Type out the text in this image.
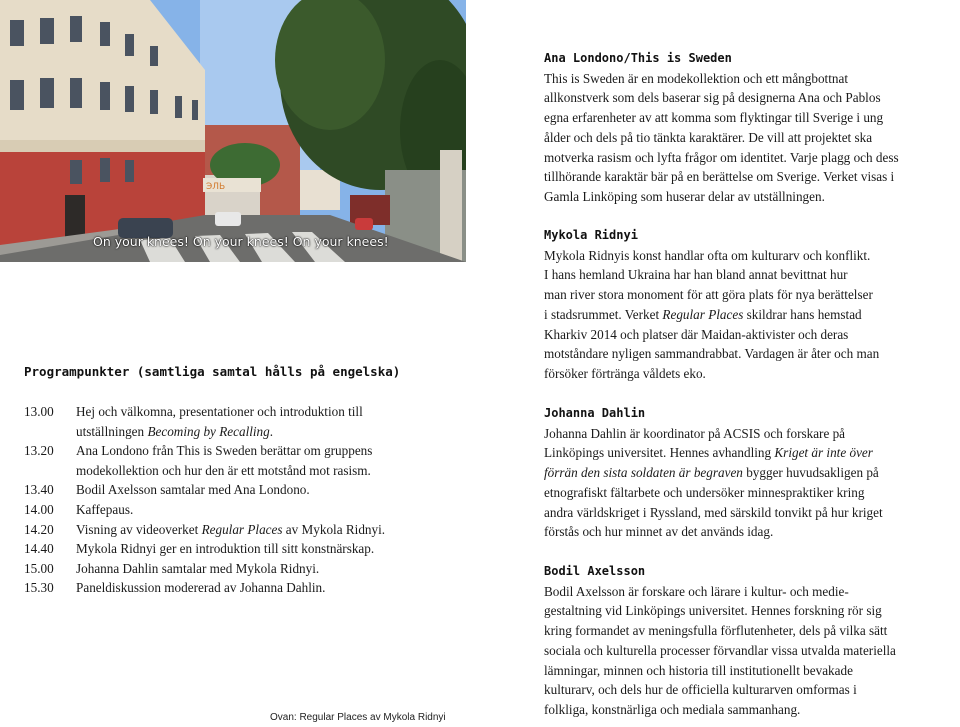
ЭЛЬ
On your knees! On your knees! On your knees!
Programpunkter (samtliga samtal hålls på engelska)
13.00	Hej och välkomna, presentationer och introduktion till
utställningen Becoming by Recalling.
13.20	Ana Londono från This is Sweden berättar om gruppens
modekollektion och hur den är ett motstånd mot rasism.
13.40	Bodil Axelsson samtalar med Ana Londono.
14.00	Kaffepaus.
14.20	Visning av videoverket Regular Places av Mykola Ridnyi.
14.40	Mykola Ridnyi ger en introduktion till sitt konstnärskap.
15.00	Johanna Dahlin samtalar med Mykola Ridnyi.
15.30	Paneldiskussion modererad av Johanna Dahlin.
Ovan: Regular Places av Mykola Ridnyi
Ana Londono/This is Sweden
This is Sweden är en modekollektion och ett mångbottnat
allkonstverk som dels baserar sig på designerna Ana och Pablos
egna erfarenheter av att komma som flyktingar till Sverige i ung
ålder och dels på tio tänkta karaktärer. De vill att projektet ska
motverka rasism och lyfta frågor om identitet. Varje plagg och dess
tillhörande karaktär bär på en berättelse om Sverige. Verket visas i
Gamla Linköping som huserar delar av utställningen.
Mykola Ridnyi
Mykola Ridnyis konst handlar ofta om kulturarv och konflikt.
I hans hemland Ukraina har han bland annat bevittnat hur
man river stora monoment för att göra plats för nya berättelser
i stadsrummet. Verket Regular Places skildrar hans hemstad
Kharkiv 2014 och platser där Maidan-aktivister och deras
motståndare nyligen sammandrabbat. Vardagen är åter och man
försöker förtränga våldets eko.
Johanna Dahlin
Johanna Dahlin är koordinator på ACSIS och forskare på
Linköpings universitet. Hennes avhandling Kriget är inte över
förrän den sista soldaten är begraven bygger huvudsakligen på
etnografiskt fältarbete och undersöker minnespraktiker kring
andra världskriget i Ryssland, med särskild tonvikt på hur kriget
förstås och hur minnet av det används idag.
Bodil Axelsson
Bodil Axelsson är forskare och lärare i kultur- och medie-
gestaltning vid Linköpings universitet. Hennes forskning rör sig
kring formandet av meningsfulla förflutenheter, dels på vilka sätt
sociala och kulturella processer förvandlar vissa utvalda materiella
lämningar, minnen och historia till institutionellt bevakade
kulturarv, och dels hur de officiella kulturarven omformas i
folkliga, konstnärliga och mediala sammanhang.
